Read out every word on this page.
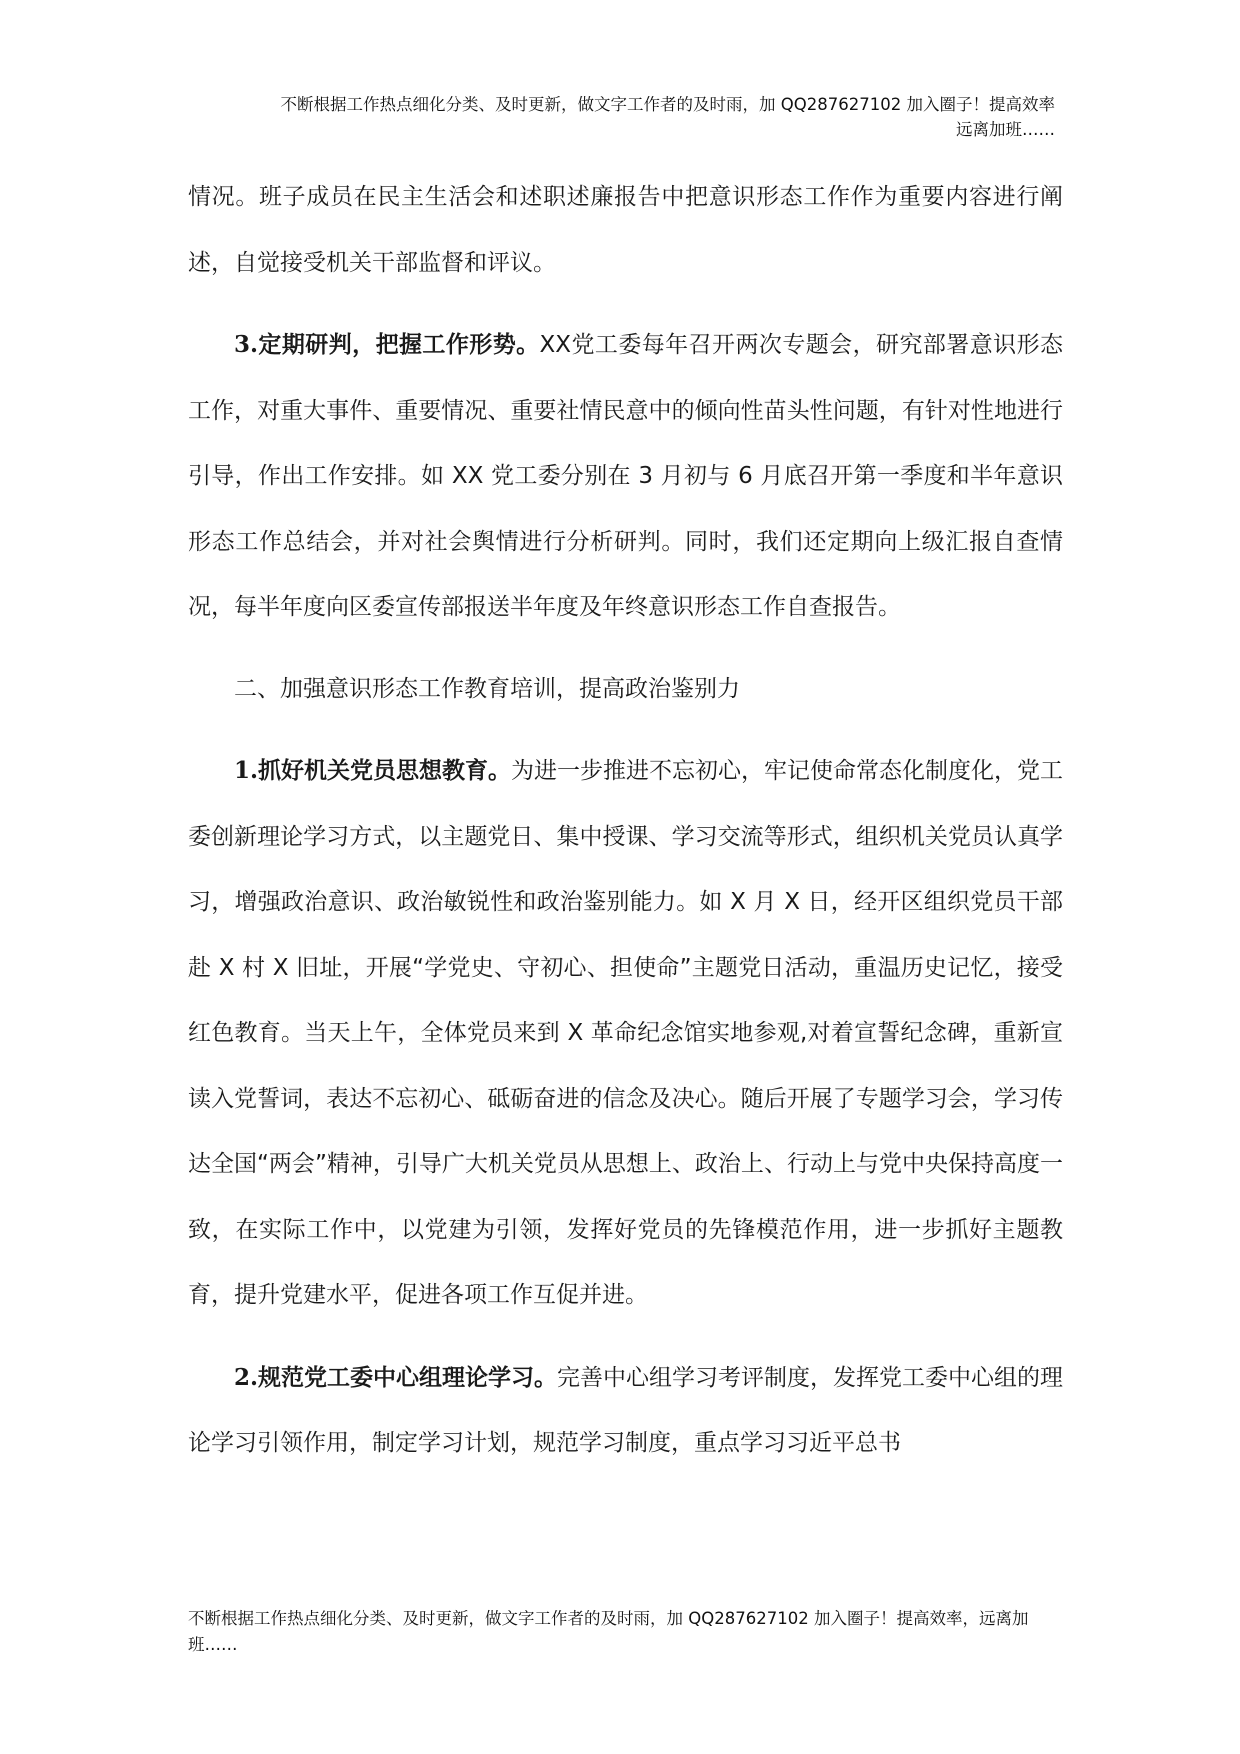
不断根据工作热点细化分类、及时更新，做文字工作者的及时雨，加 QQ287627102 加入圈子！提高效率
远离加班……

情况。班子成员在民主生活会和述职述廉报告中把意识形态工作作为重要内容进行阐述，自觉接受机关干部监督和评议。

3.定期研判，把握工作形势。XX党工委每年召开两次专题会，研究部署意识形态工作，对重大事件、重要情况、重要社情民意中的倾向性苗头性问题，有针对性地进行引导，作出工作安排。如 XX 党工委分别在 3 月初与 6 月底召开第一季度和半年意识形态工作总结会，并对社会舆情进行分析研判。同时，我们还定期向上级汇报自查情况，每半年度向区委宣传部报送半年度及年终意识形态工作自查报告。

二、加强意识形态工作教育培训，提高政治鉴别力

1.抓好机关党员思想教育。为进一步推进不忘初心，牢记使命常态化制度化，党工委创新理论学习方式，以主题党日、集中授课、学习交流等形式，组织机关党员认真学习，增强政治意识、政治敏锐性和政治鉴别能力。如 X 月 X 日，经开区组织党员干部赴 X 村 X 旧址，开展“学党史、守初心、担使命”主题党日活动，重温历史记忆，接受红色教育。当天上午，全体党员来到 X 革命纪念馆实地参观,对着宣誓纪念碑，重新宣读入党誓词，表达不忘初心、砥砺奋进的信念及决心。随后开展了专题学习会，学习传达全国“两会”精神，引导广大机关党员从思想上、政治上、行动上与党中央保持高度一致，在实际工作中，以党建为引领，发挥好党员的先锋模范作用，进一步抓好主题教育，提升党建水平，促进各项工作互促并进。

2.规范党工委中心组理论学习。完善中心组学习考评制度，发挥党工委中心组的理论学习引领作用，制定学习计划，规范学习制度，重点学习习近平总书

不断根据工作热点细化分类、及时更新，做文字工作者的及时雨，加 QQ287627102 加入圈子！提高效率，远离加班……
